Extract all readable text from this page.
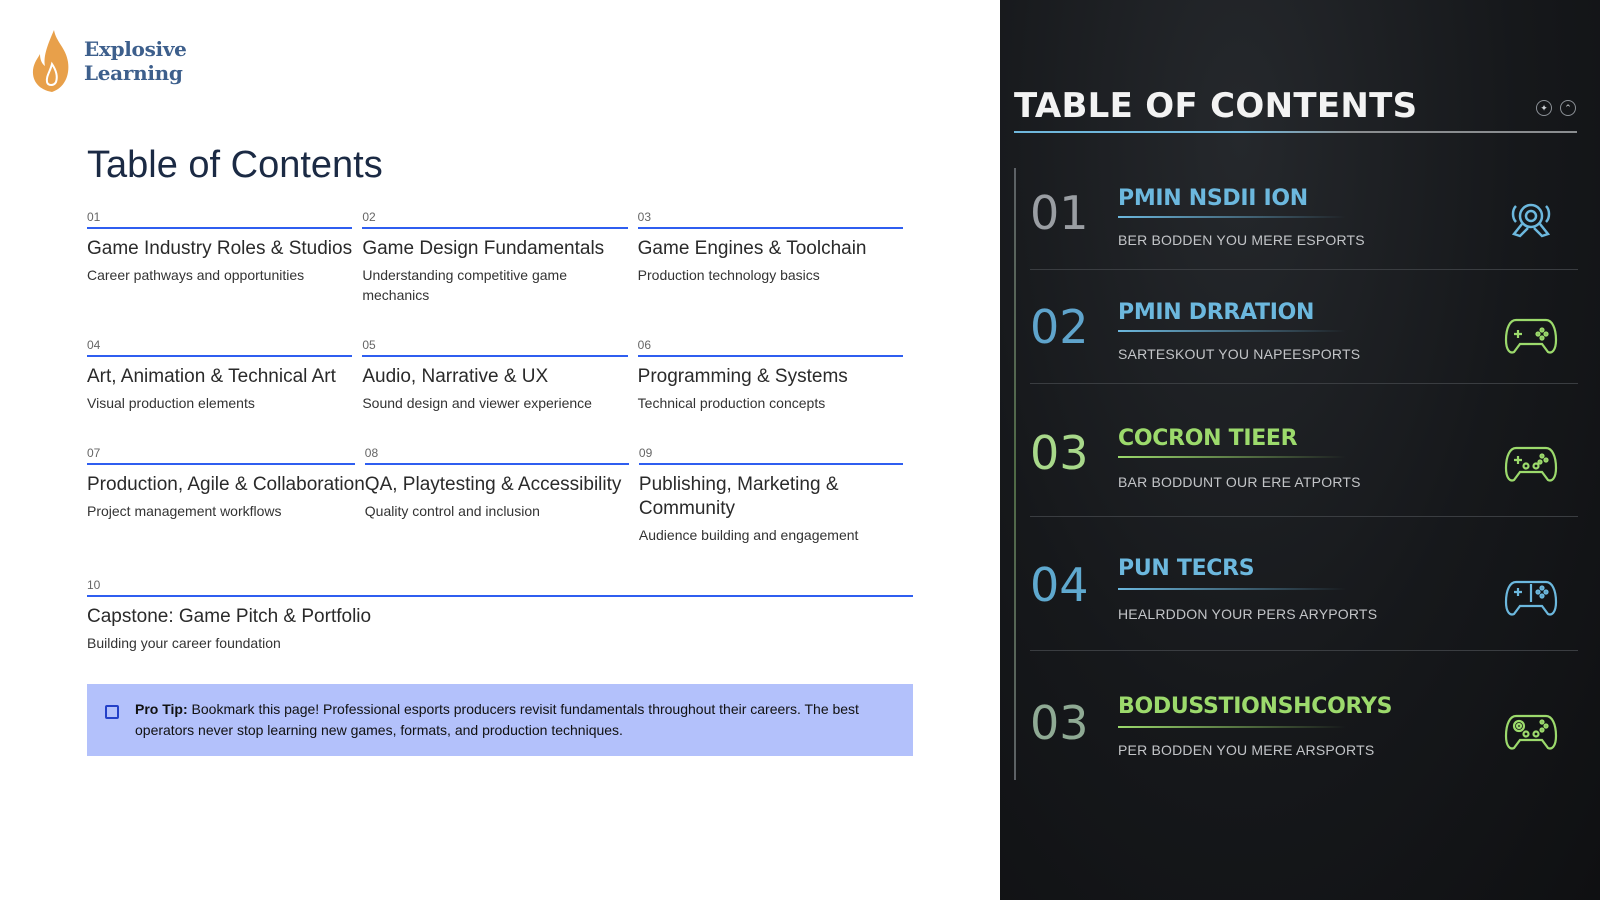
Explosive
Learning
Table of Contents
01
Game Industry Roles & Studios
Career pathways and opportunities
02
Game Design Fundamentals
Understanding competitive game mechanics
03
Game Engines & Toolchain
Production technology basics
04
Art, Animation & Technical Art
Visual production elements
05
Audio, Narrative & UX
Sound design and viewer experience
06
Programming & Systems
Technical production concepts
07
Production, Agile & Collaboration
Project management workflows
08
QA, Playtesting & Accessibility
Quality control and inclusion
09
Publishing, Marketing & Community
Audience building and engagement
10
Capstone: Game Pitch & Portfolio
Building your career foundation
Pro Tip: Bookmark this page! Professional esports producers revisit fundamentals throughout their careers. The best operators never stop learning new games, formats, and production techniques.
TABLE OF CONTENTS	✦	⌃
01 PMIN NSDII ION
BER BODDEN YOU MERE ESPORTS
02 PMIN DRRATION
SARTESKOUT YOU NAPEESPORTS
03 COCRON TIEER
BAR BODDUNT OUR ERE ATPORTS
04 PUN TECRS
HEALRDDON YOUR PERS ARYPORTS
03 BODUSSTIONSHCORYS
PER BODDEN YOU MERE ARSPORTS
